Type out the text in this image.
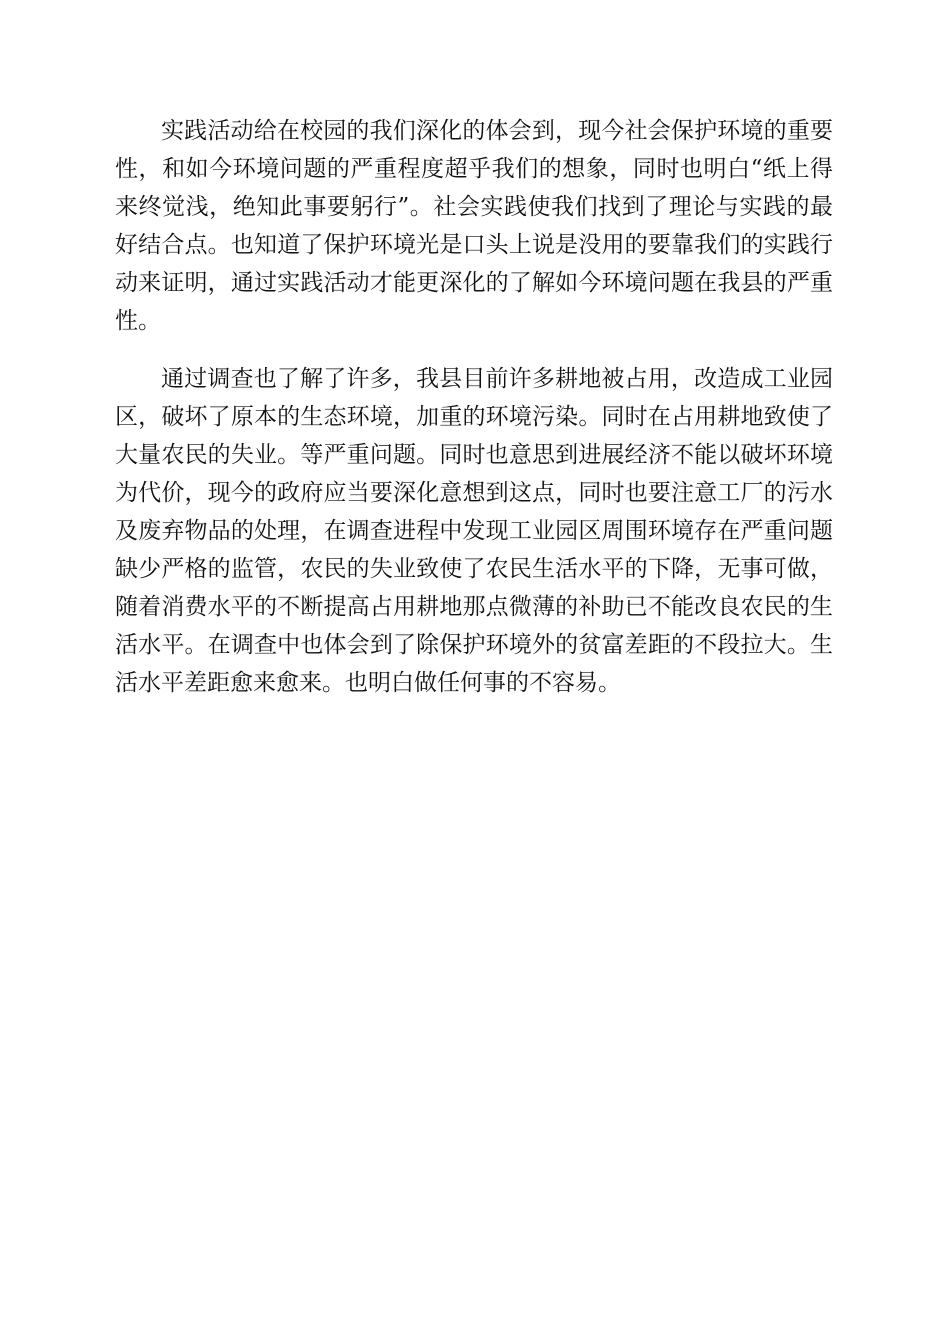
实践活动给在校园的我们深化的体会到，现今社会保护环境的重要性，和如今环境问题的严重程度超乎我们的想象，同时也明白“纸上得来终觉浅，绝知此事要躬行”。社会实践使我们找到了理论与实践的最好结合点。也知道了保护环境光是口头上说是没用的要靠我们的实践行动来证明，通过实践活动才能更深化的了解如今环境问题在我县的严重性。

通过调查也了解了许多，我县目前许多耕地被占用，改造成工业园区，破坏了原本的生态环境，加重的环境污染。同时在占用耕地致使了大量农民的失业。等严重问题。同时也意思到进展经济不能以破坏环境为代价，现今的政府应当要深化意想到这点，同时也要注意工厂的污水及废弃物品的处理，在调查进程中发现工业园区周围环境存在严重问题缺少严格的监管，农民的失业致使了农民生活水平的下降，无事可做，随着消费水平的不断提高占用耕地那点微薄的补助已不能改良农民的生活水平。在调查中也体会到了除保护环境外的贫富差距的不段拉大。生活水平差距愈来愈来。也明白做任何事的不容易。
